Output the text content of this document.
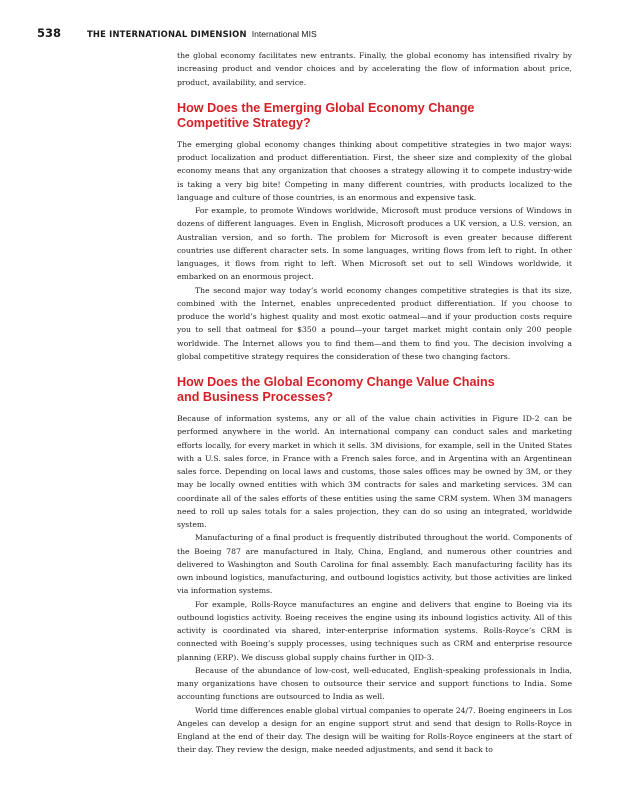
538	THE INTERNATIONAL DIMENSION International MIS

the global economy facilitates new entrants. Finally, the global economy has intensified rivalry by increasing product and vendor choices and by accelerating the flow of information about price, product, availability, and service.

How Does the Emerging Global Economy Change Competitive Strategy?

The emerging global economy changes thinking about competitive strategies in two major ways: product localization and product differentiation. First, the sheer size and complexity of the global economy means that any organization that chooses a strategy allowing it to compete industry-wide is taking a very big bite! Competing in many different countries, with products localized to the language and culture of those countries, is an enormous and expensive task.

For example, to promote Windows worldwide, Microsoft must produce versions of Windows in dozens of different languages. Even in English, Microsoft produces a UK version, a U.S. version, an Australian version, and so forth. The problem for Microsoft is even greater because different countries use different character sets. In some languages, writing flows from left to right. In other languages, it flows from right to left. When Microsoft set out to sell Windows worldwide, it embarked on an enormous project.

The second major way today’s world economy changes competitive strategies is that its size, combined with the Internet, enables unprecedented product differentiation. If you choose to produce the world’s highest quality and most exotic oatmeal—and if your production costs require you to sell that oatmeal for $350 a pound—your target market might contain only 200 people worldwide. The Internet allows you to find them—and them to find you. The decision involving a global competitive strategy requires the consideration of these two changing factors.

How Does the Global Economy Change Value Chains and Business Processes?

Because of information systems, any or all of the value chain activities in Figure ID-2 can be performed anywhere in the world. An international company can conduct sales and marketing efforts locally, for every market in which it sells. 3M divisions, for example, sell in the United States with a U.S. sales force, in France with a French sales force, and in Argentina with an Argentinean sales force. Depending on local laws and customs, those sales offices may be owned by 3M, or they may be locally owned entities with which 3M contracts for sales and marketing services. 3M can coordinate all of the sales efforts of these entities using the same CRM system. When 3M managers need to roll up sales totals for a sales projection, they can do so using an integrated, worldwide system.

Manufacturing of a final product is frequently distributed throughout the world. Components of the Boeing 787 are manufactured in Italy, China, England, and numerous other countries and delivered to Washington and South Carolina for final assembly. Each manufacturing facility has its own inbound logistics, manufacturing, and outbound logistics activity, but those activities are linked via information systems.

For example, Rolls-Royce manufactures an engine and delivers that engine to Boeing via its outbound logistics activity. Boeing receives the engine using its inbound logistics activity. All of this activity is coordinated via shared, inter-enterprise information systems. Rolls-Royce’s CRM is connected with Boeing’s supply processes, using techniques such as CRM and enterprise resource planning (ERP). We discuss global supply chains further in QID-3.

Because of the abundance of low-cost, well-educated, English-speaking professionals in India, many organizations have chosen to outsource their service and support functions to India. Some accounting functions are outsourced to India as well.

World time differences enable global virtual companies to operate 24/7. Boeing engineers in Los Angeles can develop a design for an engine support strut and send that design to Rolls-Royce in England at the end of their day. The design will be waiting for Rolls-Royce engineers at the start of their day. They review the design, make needed adjustments, and send it back to
